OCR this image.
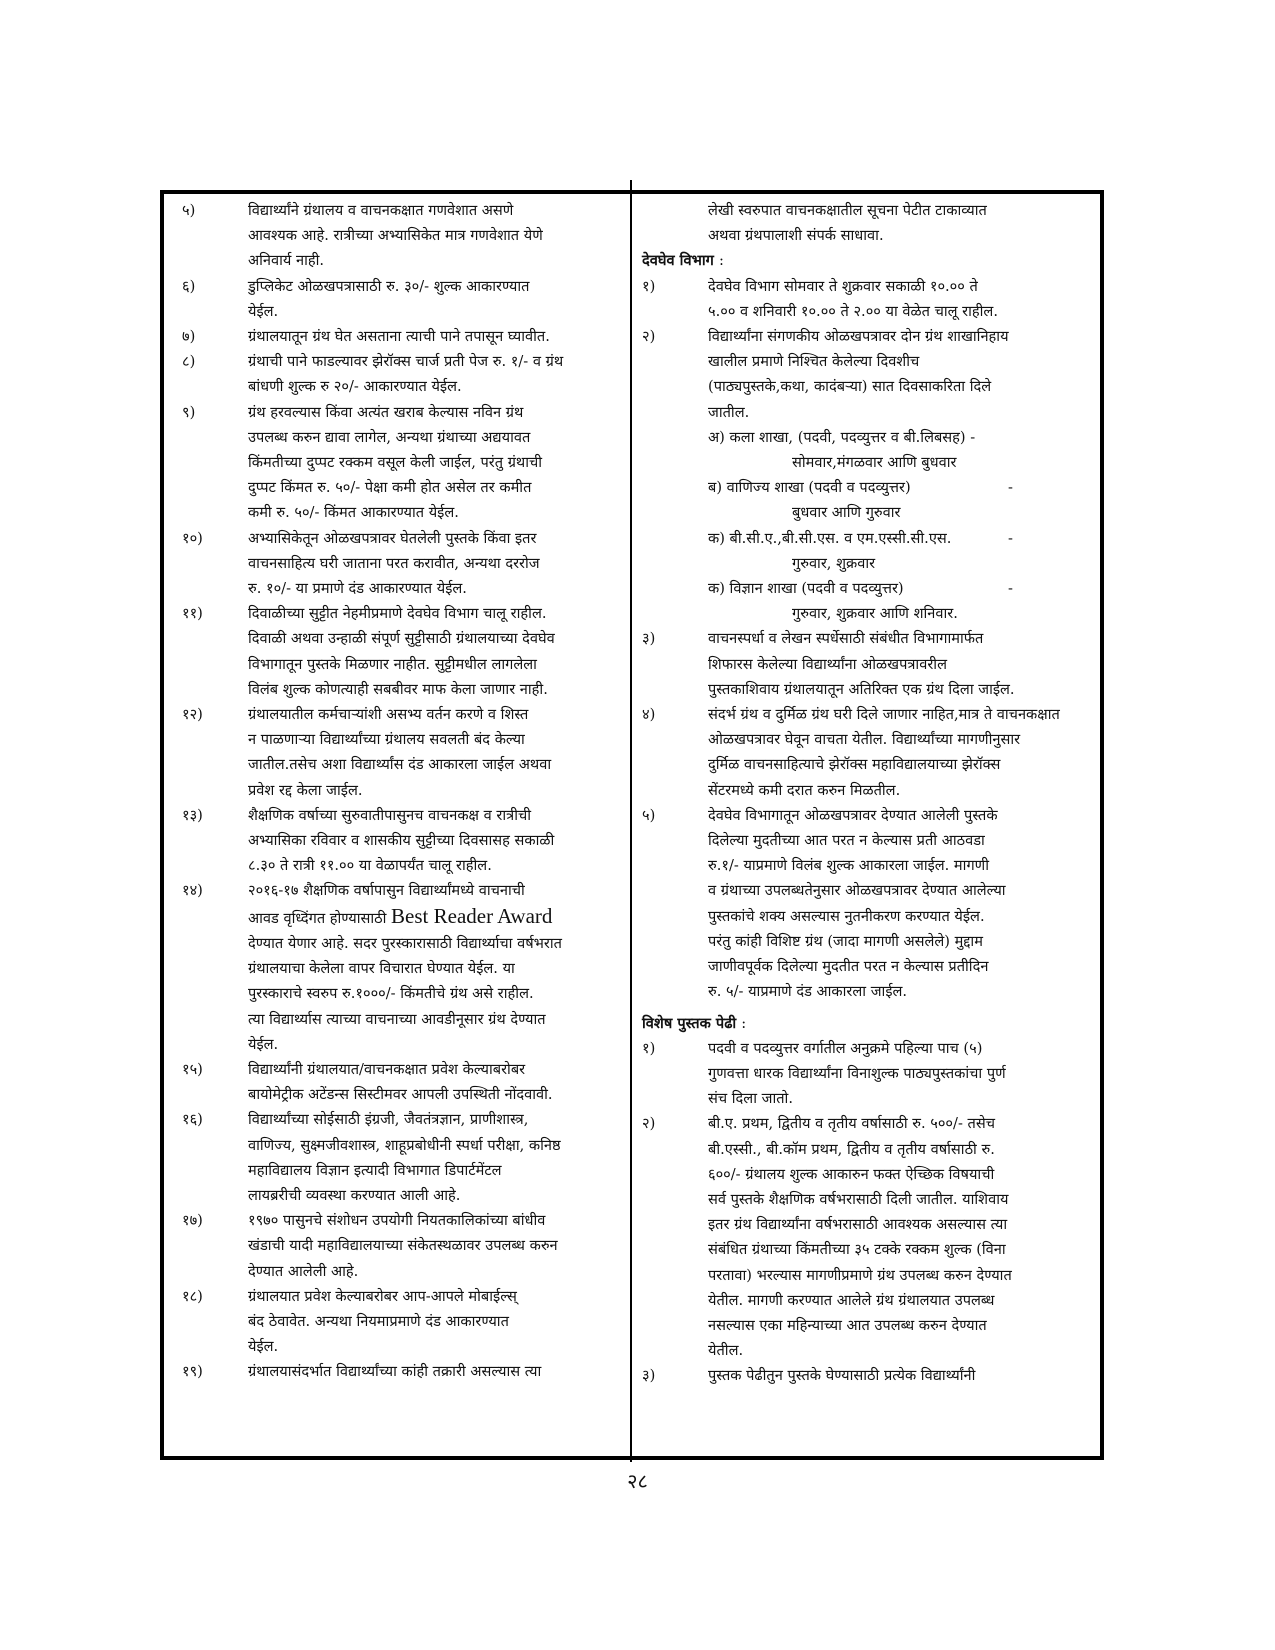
५)	विद्यार्थ्यांने ग्रंथालय व वाचनकक्षात गणवेशात असणे
आवश्यक आहे. रात्रीच्या अभ्यासिकेत मात्र गणवेशात येणे
अनिवार्य नाही.
६)	डुप्लिकेट ओळखपत्रासाठी रु. ३०/- शुल्क आकारण्यात
येईल.
७)	ग्रंथालयातून ग्रंथ घेत असताना त्याची पाने तपासून घ्यावीत.
८)	ग्रंथाची पाने फाडल्यावर झेरॉक्स चार्ज प्रती पेज रु. १/- व ग्रंथ
बांधणी शुल्क रु २०/- आकारण्यात येईल.
९)	ग्रंथ हरवल्यास किंवा अत्यंत खराब केल्यास नविन ग्रंथ
उपलब्ध करुन द्यावा लागेल, अन्यथा ग्रंथाच्या अद्ययावत
किंमतीच्या दुप्पट रक्कम वसूल केली जाईल, परंतु ग्रंथाची
दुप्पट किंमत रु. ५०/- पेक्षा कमी होत असेल तर कमीत
कमी रु. ५०/- किंमत आकारण्यात येईल.
१०)	अभ्यासिकेतून ओळखपत्रावर घेतलेली पुस्तके किंवा इतर
वाचनसाहित्य घरी जाताना परत करावीत, अन्यथा दररोज
रु. १०/- या प्रमाणे दंड आकारण्यात येईल.
११)	दिवाळीच्या सुट्टीत नेहमीप्रमाणे देवघेव विभाग चालू राहील.
दिवाळी अथवा उन्हाळी संपूर्ण सुट्टीसाठी ग्रंथालयाच्या देवघेव
विभागातून पुस्तके मिळणार नाहीत. सुट्टीमधील लागलेला
विलंब शुल्क कोणत्याही सबबीवर माफ केला जाणार नाही.
१२)	ग्रंथालयातील कर्मचाऱ्यांशी असभ्य वर्तन करणे व शिस्त
न पाळणाऱ्या विद्यार्थ्यांच्या ग्रंथालय सवलती बंद केल्या
जातील.तसेच अशा विद्यार्थ्यांस दंड आकारला जाईल अथवा
प्रवेश रद्द केला जाईल.
१३)	शैक्षणिक वर्षाच्या सुरुवातीपासुनच वाचनकक्ष व रात्रीची
अभ्यासिका रविवार व शासकीय सुट्टीच्या दिवसासह सकाळी
८.३० ते रात्री ११.०० या वेळापर्यंत चालू राहील.
१४)	२०१६-१७ शैक्षणिक वर्षापासुन विद्यार्थ्यांमध्ये वाचनाची
आवड वृध्दिंगत होण्यासाठी Best Reader Award
देण्यात येणार आहे. सदर पुरस्कारासाठी विद्यार्थ्याचा वर्षभरात
ग्रंथालयाचा केलेला वापर विचारात घेण्यात येईल. या
पुरस्काराचे स्वरुप रु.१०००/- किंमतीचे ग्रंथ असे राहील.
त्या विद्यार्थ्यास त्याच्या वाचनाच्या आवडीनूसार ग्रंथ देण्यात
येईल.
१५)	विद्यार्थ्यांनी ग्रंथालयात/वाचनकक्षात प्रवेश केल्याबरोबर
बायोमेट्रीक अटेंडन्स सिस्टीमवर आपली उपस्थिती नोंदवावी.
१६)	विद्यार्थ्यांच्या सोईसाठी इंग्रजी, जैवतंत्रज्ञान, प्राणीशास्त्र,
वाणिज्य, सुक्ष्मजीवशास्त्र, शाहूप्रबोधीनी स्पर्धा परीक्षा, कनिष्ठ
महाविद्यालय विज्ञान इत्यादी विभागात डिपार्टमेंटल
लायब्ररीची व्यवस्था करण्यात आली आहे.
१७)	१९७० पासुनचे संशोधन उपयोगी नियतकालिकांच्या बांधीव
खंडाची यादी महाविद्यालयाच्या संकेतस्थळावर उपलब्ध करुन
देण्यात आलेली आहे.
१८)	ग्रंथालयात प्रवेश केल्याबरोबर आप-आपले मोबाईल्स्
बंद ठेवावेत. अन्यथा नियमाप्रमाणे दंड आकारण्यात
येईल.
१९)	ग्रंथालयासंदर्भात विद्यार्थ्यांच्या कांही तक्रारी असल्यास त्या
लेखी स्वरुपात वाचनकक्षातील सूचना पेटीत टाकाव्यात
अथवा ग्रंथपालाशी संपर्क साधावा.
देवघेव विभाग :
१)	देवघेव विभाग सोमवार ते शुक्रवार सकाळी १०.०० ते
५.०० व शनिवारी १०.०० ते २.०० या वेळेत चालू राहील.
२)	विद्यार्थ्यांना संगणकीय ओळखपत्रावर दोन ग्रंथ शाखानिहाय
खालील प्रमाणे निश्चित केलेल्या दिवशीच
(पाठ्यपुस्तके,कथा, कादंबऱ्या) सात दिवसाकरिता दिले
जातील.
अ) कला शाखा, (पदवी, पदव्युत्तर व बी.लिबसह) -
सोमवार,मंगळवार आणि बुधवार
ब) वाणिज्य शाखा (पदवी व पदव्युत्तर)	-
बुधवार आणि गुरुवार
क) बी.सी.ए.,बी.सी.एस. व एम.एस्सी.सी.एस.	-
गुरुवार, शुक्रवार
क) विज्ञान शाखा (पदवी व पदव्युत्तर)	-
गुरुवार, शुक्रवार आणि शनिवार.
३)	वाचनस्पर्धा व लेखन स्पर्धेसाठी संबंधीत विभागामार्फत
शिफारस केलेल्या विद्यार्थ्यांना ओळखपत्रावरील
पुस्तकाशिवाय ग्रंथालयातून अतिरिक्त एक ग्रंथ दिला जाईल.
४)	संदर्भ ग्रंथ व दुर्मिळ ग्रंथ घरी दिले जाणार नाहित,मात्र ते वाचनकक्षात
ओळखपत्रावर घेवून वाचता येतील. विद्यार्थ्यांच्या मागणीनुसार
दुर्मिळ वाचनसाहित्याचे झेरॉक्स महाविद्यालयाच्या झेरॉक्स
सेंटरमध्ये कमी दरात करुन मिळतील.
५)	देवघेव विभागातून ओळखपत्रावर देण्यात आलेली पुस्तके
दिलेल्या मुदतीच्या आत परत न केल्यास प्रती आठवडा
रु.१/- याप्रमाणे विलंब शुल्क आकारला जाईल. मागणी
व ग्रंथाच्या उपलब्धतेनुसार ओळखपत्रावर देण्यात आलेल्या
पुस्तकांचे शक्य असल्यास नुतनीकरण करण्यात येईल.
परंतु कांही विशिष्ट ग्रंथ (जादा मागणी असलेले) मुद्दाम
जाणीवपूर्वक दिलेल्या मुदतीत परत न केल्यास प्रतीदिन
रु. ५/- याप्रमाणे दंड आकारला जाईल.
विशेष पुस्तक पेढी :
१)	पदवी व पदव्युत्तर वर्गातील अनुक्रमे पहिल्या पाच (५)
गुणवत्ता धारक विद्यार्थ्यांना विनाशुल्क पाठ्यपुस्तकांचा पुर्ण
संच दिला जातो.
२)	बी.ए. प्रथम, द्वितीय व तृतीय वर्षासाठी रु. ५००/- तसेच
बी.एस्सी., बी.कॉम प्रथम, द्वितीय व तृतीय वर्षासाठी रु.
६००/- ग्रंथालय शुल्क आकारुन फक्त ऐच्छिक विषयाची
सर्व पुस्तके शैक्षणिक वर्षभरासाठी दिली जातील. याशिवाय
इतर ग्रंथ विद्यार्थ्यांना वर्षभरासाठी आवश्यक असल्यास त्या
संबंधित ग्रंथाच्या किंमतीच्या ३५ टक्के रक्कम शुल्क (विना
परतावा) भरल्यास मागणीप्रमाणे ग्रंथ उपलब्ध करुन देण्यात
येतील. मागणी करण्यात आलेले ग्रंथ ग्रंथालयात उपलब्ध
नसल्यास एका महिन्याच्या आत उपलब्ध करुन देण्यात
येतील.
३)	पुस्तक पेढीतुन पुस्तके घेण्यासाठी प्रत्येक विद्यार्थ्यांनी
२८
